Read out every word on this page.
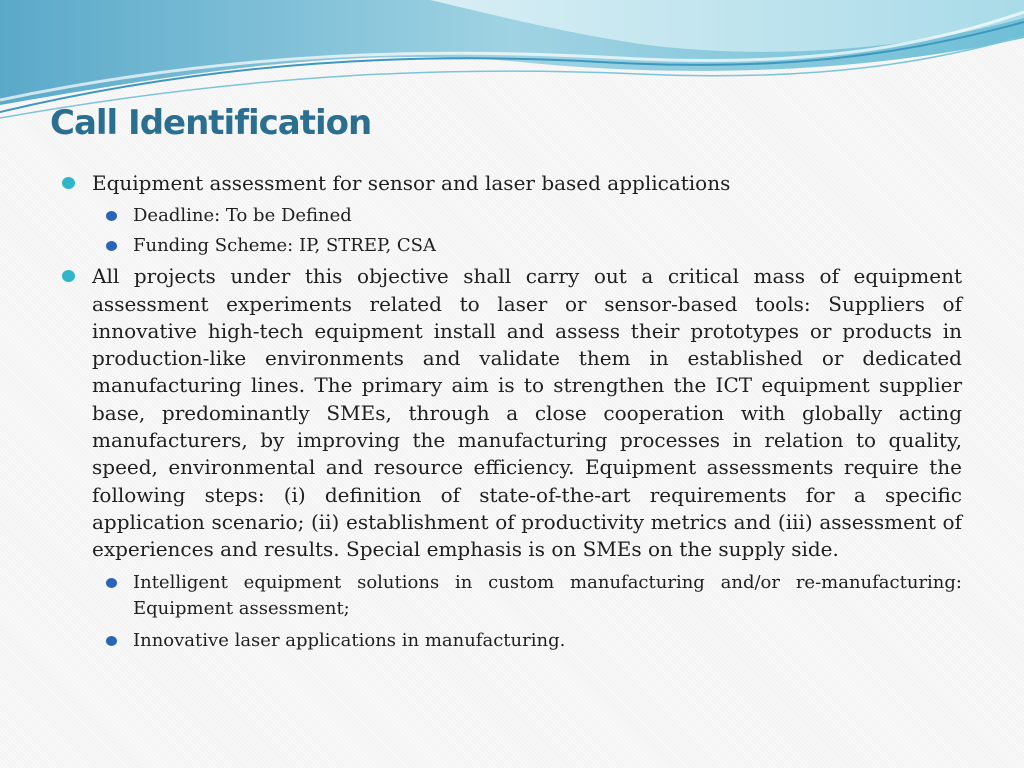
Call Identification
Equipment assessment for sensor and laser based applications
Deadline: To be Defined
Funding Scheme: IP, STREP, CSA
All projects under this objective shall carry out a critical mass of equipment assessment experiments related to laser or sensor-based tools: Suppliers of innovative high-tech equipment install and assess their prototypes or products in production-like environments and validate them in established or dedicated manufacturing lines. The primary aim is to strengthen the ICT equipment supplier base, predominantly SMEs, through a close cooperation with globally acting manufacturers, by improving the manufacturing processes in relation to quality, speed, environmental and resource efficiency. Equipment assessments require the following steps: (i) definition of state-of-the-art requirements for a specific application scenario; (ii) establishment of productivity metrics and (iii) assessment of experiences and results. Special emphasis is on SMEs on the supply side.
Intelligent equipment solutions in custom manufacturing and/or re-manufacturing: Equipment assessment;
Innovative laser applications in manufacturing.
